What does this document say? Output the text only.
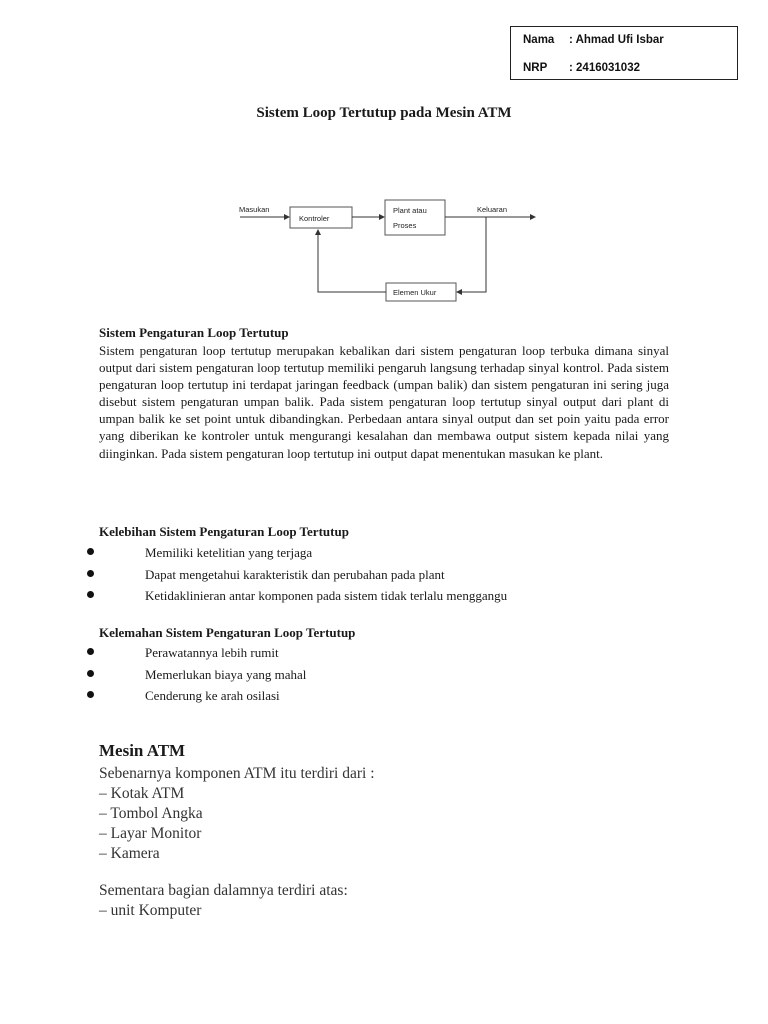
Nama : Ahmad Ufi Isbar
NRP : 2416031032
Sistem Loop Tertutup pada Mesin ATM
Masukan
Kontroler
Plant atau
Proses
Keluaran
Elemen Ukur
Sistem Pengaturan Loop Tertutup

Sistem pengaturan loop tertutup merupakan kebalikan dari sistem pengaturan loop terbuka dimana sinyal output dari sistem pengaturan loop tertutup memiliki pengaruh langsung terhadap sinyal kontrol. Pada sistem pengaturan loop tertutup ini terdapat jaringan feedback (umpan balik) dan sistem pengaturan ini sering juga disebut sistem pengaturan umpan balik. Pada sistem pengaturan loop tertutup sinyal output dari plant di umpan balik ke set point untuk dibandingkan. Perbedaan antara sinyal output dan set poin yaitu pada error yang diberikan ke kontroler untuk mengurangi kesalahan dan membawa output sistem kepada nilai yang diinginkan. Pada sistem pengaturan loop tertutup ini output dapat menentukan masukan ke plant.

Kelebihan Sistem Pengaturan Loop Tertutup
Memiliki ketelitian yang terjaga
Dapat mengetahui karakteristik dan perubahan pada plant
Ketidaklinieran antar komponen pada sistem tidak terlalu menggangu
Kelemahan Sistem Pengaturan Loop Tertutup
Perawatannya lebih rumit
Memerlukan biaya yang mahal
Cenderung ke arah osilasi
Mesin ATM
Sebenarnya komponen ATM itu terdiri dari :
– Kotak ATM
– Tombol Angka
– Layar Monitor
– Kamera
Sementara bagian dalamnya terdiri atas:
– unit Komputer
